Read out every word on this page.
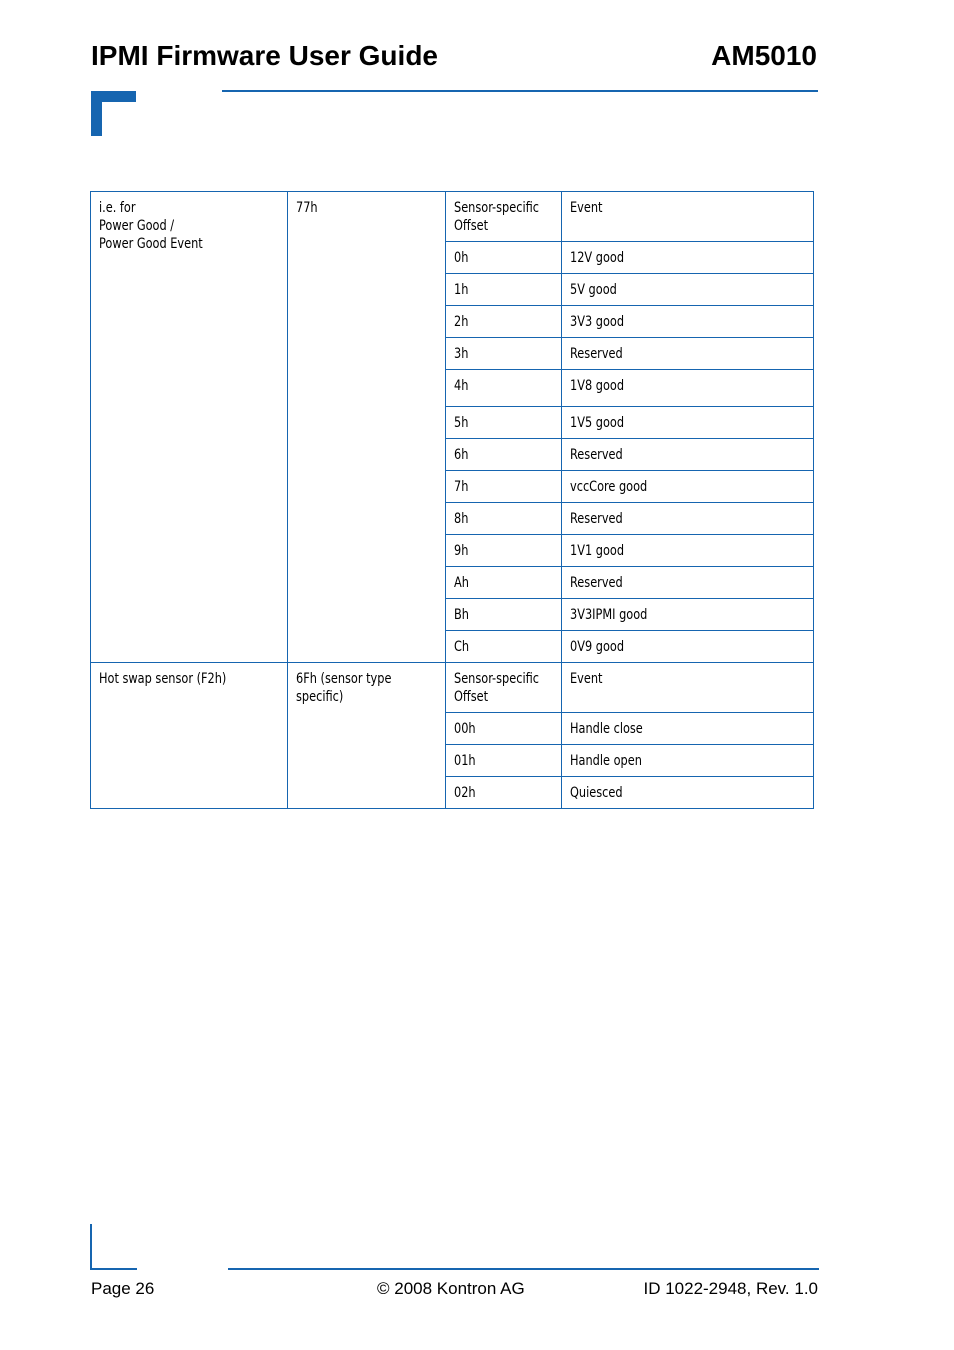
IPMI Firmware User Guide	AM5010
i.e. for
Power Good /
Power Good Event	77h	Sensor-specific
Offset	Event

		0h	12V good

		1h	5V good

		2h	3V3 good

		3h	Reserved

		4h	1V8 good

		5h	1V5 good

		6h	Reserved

		7h	vccCore good

		8h	Reserved

		9h	1V1 good

		Ah	Reserved

		Bh	3V3IPMI good

		Ch	0V9 good

Hot swap sensor (F2h)	6Fh (sensor type
specific)	Sensor-specific
Offset	Event

		00h	Handle close

		01h	Handle open

		02h	Quiesced
Page 26	© 2008 Kontron AG	ID 1022-2948, Rev. 1.0
